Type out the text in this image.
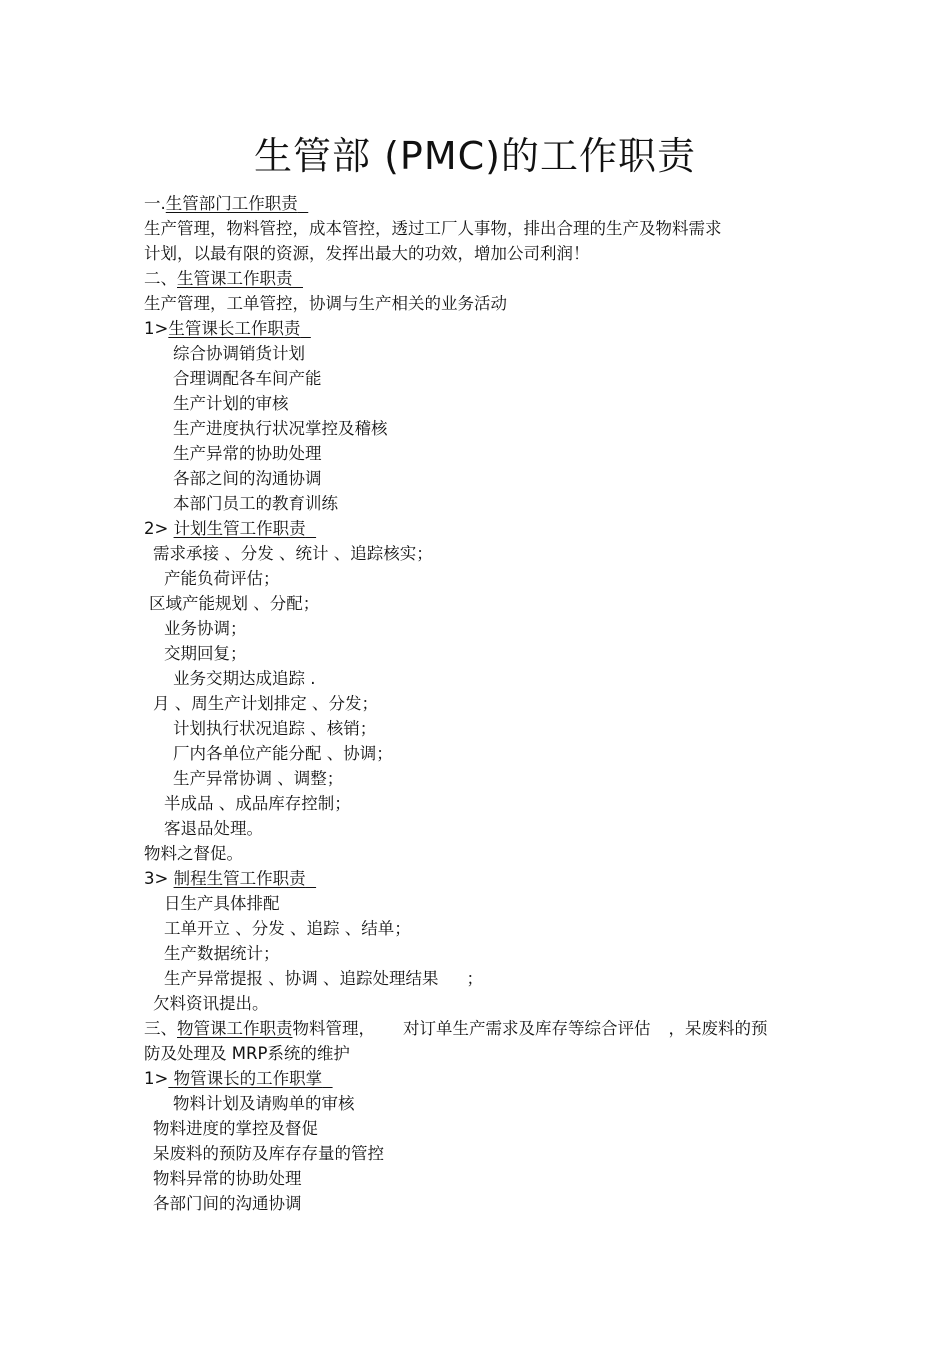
生管部 (PMC)的工作职责
一.生管部门工作职责
生产管理，物料管控，成本管控，透过工厂人事物，排出合理的生产及物料需求
计划，以最有限的资源，发挥出最大的功效，增加公司利润！
二、生管课工作职责
生产管理，工单管控，协调与生产相关的业务活动
1>生管课长工作职责
综合协调销货计划
合理调配各车间产能
生产计划的审核
生产进度执行状况掌控及稽核
生产异常的协助处理
各部之间的沟通协调
本部门员工的教育训练
2> 计划生管工作职责
需求承接 、分发 、统计 、追踪核实；
产能负荷评估；
区域产能规划 、分配；
业务协调；
交期回复；
业务交期达成追踪 .
月 、周生产计划排定 、分发；
计划执行状况追踪 、核销；
厂内各单位产能分配 、协调；
生产异常协调 、调整；
半成品 、成品库存控制；
客退品处理。
物料之督促。
3> 制程生管工作职责
日生产具体排配
工单开立 、分发 、追踪 、结单；
生产数据统计；
生产异常提报 、协调 、追踪处理结果 ；
欠料资讯提出。
三、物管课工作职责物料管理， 对订单生产需求及库存等综合评估 ，呆废料的预
防及处理及 MRP系统的维护
1> 物管课长的工作职掌
物料计划及请购单的审核
物料进度的掌控及督促
呆废料的预防及库存存量的管控
物料异常的协助处理
各部门间的沟通协调
